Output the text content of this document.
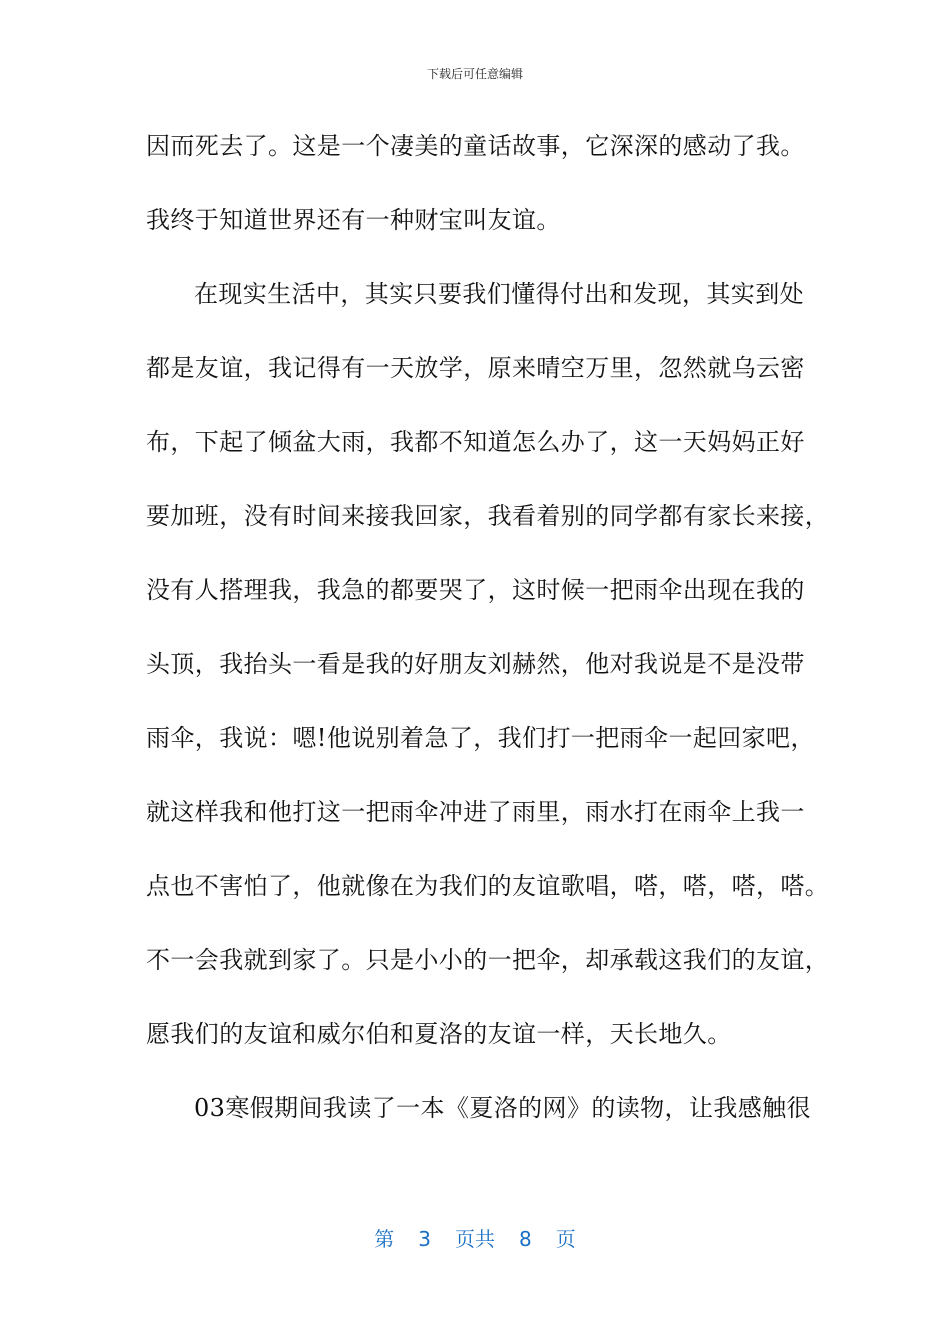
下载后可任意编辑
因而死去了。这是一个凄美的童话故事，它深深的感动了我。
我终于知道世界还有一种财宝叫友谊。
在现实生活中，其实只要我们懂得付出和发现，其实到处
都是友谊，我记得有一天放学，原来晴空万里，忽然就乌云密
布，下起了倾盆大雨，我都不知道怎么办了，这一天妈妈正好
要加班，没有时间来接我回家，我看着别的同学都有家长来接，
没有人搭理我，我急的都要哭了，这时候一把雨伞出现在我的
头顶，我抬头一看是我的好朋友刘赫然，他对我说是不是没带
雨伞，我说：嗯!他说别着急了，我们打一把雨伞一起回家吧，
就这样我和他打这一把雨伞冲进了雨里，雨水打在雨伞上我一
点也不害怕了，他就像在为我们的友谊歌唱，嗒，嗒，嗒，嗒。
不一会我就到家了。只是小小的一把伞，却承载这我们的友谊，
愿我们的友谊和威尔伯和夏洛的友谊一样，天长地久。
03寒假期间我读了一本《夏洛的网》的读物，让我感触很
第 3 页共 8 页
